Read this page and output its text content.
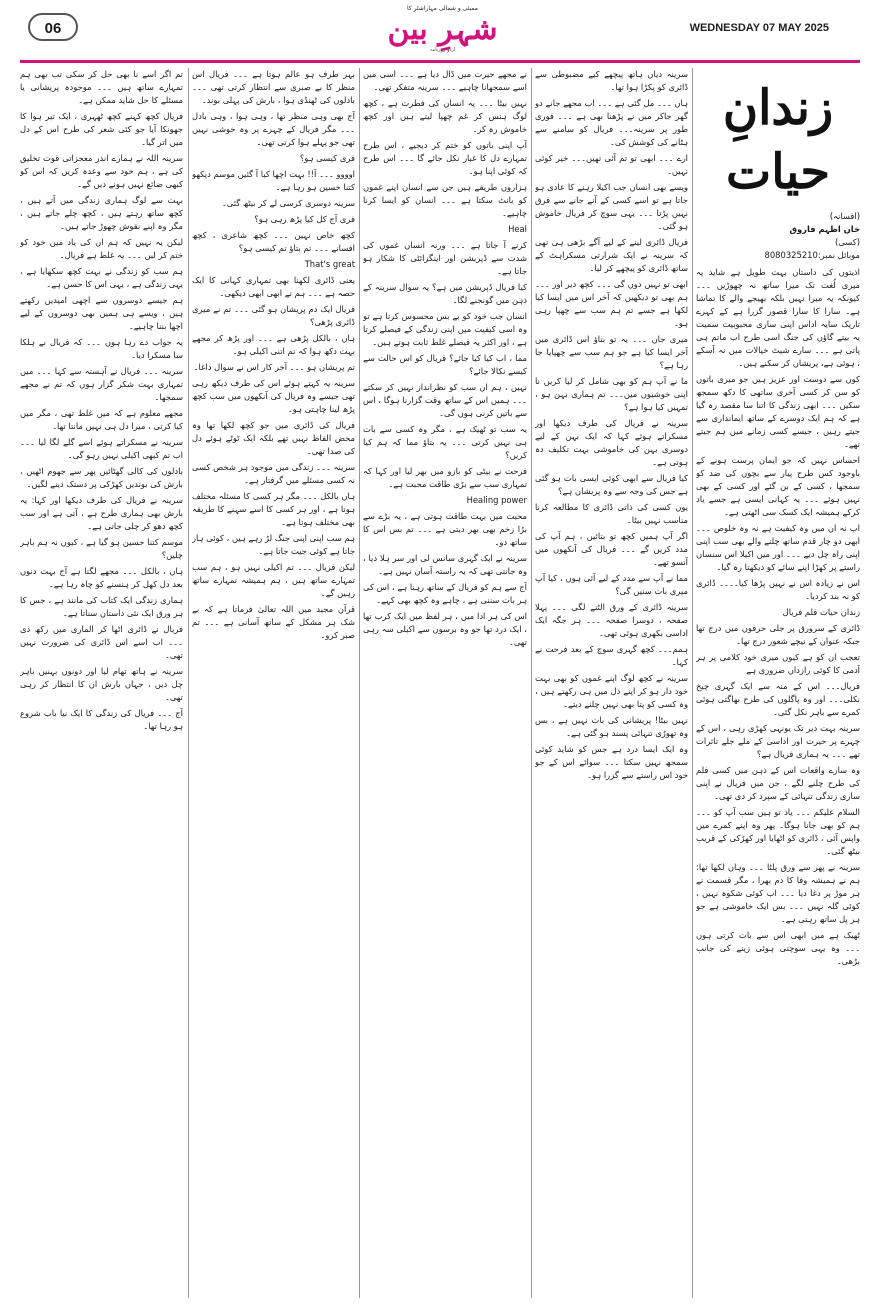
06
ممبئی و شمالی مہاراشٹر کا
شہرِ بین
اردو روزنامہ
WEDNESDAY 07 MAY 2025
زندانِ حیات
(افسانہ)
خان اظہم فاروق
(کسی)
موبائل نمبر:8080325210

اذیتوں کی داستاں بہت طویل ہے شاید یہ میری لُغت تک میرا ساتھ نہ چھوڑیں ۔۔۔ کیونکہ یہ میرا نہیں بلکہ بھیجے والے کا تماشا ہے۔ سارا کا سارا قصور گزرا ہے کے کہرے تاریک سایہ اداس اپنی ساری محبوبیت سمیت یہ بیتے گاؤں کی جنگ اسی طرح اب ماتم ہی پاتی ہے ۔۔۔ سارے شیٹ خیالات میں نہ آسکے ، ہوئی ہے، پریشان کر سکنے ہیں۔

کون سے دوست اور عزیز ہیں جو میری باتوں کو سن کر کسی آخری ساتھی کا دکھ سمجھ سکیں ۔۔۔ ابھی زندگی کا اتنا سا مقصد رہ گیا ہے کہ ہم ایک دوسرے کے ساتھ ایمانداری سے جیتے رہیں ، جیسے کسی زمانے میں ہم جیتے تھے۔

احساس نہیں کہ جو ایمان پرست ہونے کے باوجود کس طرح پیار سے بچوں کی ضد کو سمجھا ، کسی کے بن گئے اور کسی کے بھی نہیں ہوئے ۔۔۔ یہ کہانی ایسی ہے جسے یاد کرکے ہمیشہ ایک کسک سی اٹھتی ہے۔

اب نہ ان میں وہ کیفیت ہے نہ وہ خلوص ۔۔۔ ابھی دو چار قدم ساتھ چلنے والے بھی سب اپنی اپنی راہ چل دیے ۔۔۔ اور میں اکیلا اس سنسان راستے پر کھڑا اپنے سائے کو دیکھتا رہ گیا۔

اس نے زیادہ اس نے نہیں پڑھا کیا۔۔۔۔ ڈائری کو نہ بند کردیا۔

زندان حیات قلم فریال

ڈائری کے سرورق پر جلی حرفوں میں درج تھا جبکہ عنوان کے نیچے شعور درج تھا۔

تعجب ان کو ہے کیوں میری خود کلامی پر ہر آدمی کا کوئی رازداں ضروری ہے

فریال۔۔۔ اس کے منہ سے ایک گہری چیخ نکلی۔۔۔ اور وہ پاگلوں کی طرح بھاگتی ہوئی کمرے سے باہر نکل گئی۔

سرینہ بہت دیر تک یونہی کھڑی رہی ، اس کے چہرے پر حیرت اور اداسی کے ملے جلے تاثرات تھے ۔۔۔ یہ ہماری فریال ہے؟

وہ سارے واقعات اس کے ذہن میں کسی فلم کی طرح چلنے لگے ، جن میں فریال نے اپنی ساری زندگی تنہائی کے سپرد کر دی تھی۔

السلام علیکم ۔۔۔ یاد تو ہیں سب آپ کو ۔۔۔ ہم کو بھی جانا ہوگا۔ پھر وہ اپنے کمرے میں واپس آئی ، ڈائری کو اٹھایا اور کھڑکی کے قریب بیٹھ گئی۔

سرینہ نے پھر سے ورق پلٹا ۔۔۔ وہاں لکھا تھا: ہم نے ہمیشہ وفا کا دم بھرا ، مگر قسمت نے ہر موڑ پر دغا دیا ۔۔۔ اب کوئی شکوہ نہیں ، کوئی گلہ نہیں ۔۔۔ بس ایک خاموشی ہے جو ہر پل ساتھ رہتی ہے۔

ٹھیک ہے میں ابھی اس سے بات کرتی ہوں ۔۔۔ وہ یہی سوچتی ہوئی زینے کی جانب بڑھی۔

سرینہ دیاں ہاتھ پیچھے کیے مضبوطی سے ڈائری کو پکڑا ہوا تھا۔

ہاں ۔۔۔ مل گئی ہے ۔۔۔ اب مجھے جانے دو گھر جاکر میں نے پڑھنا بھی ہے ۔۔۔ فوری طور پر سرینہ۔۔۔ فریال کو سامنے سے ہٹانے کی کوشش کی۔

ارے ۔۔۔ ابھی تو تم آئی تھیں۔۔۔ خیر کوئی نہیں۔

ویسے بھی انسان جب اکیلا رہنے کا عادی ہو جاتا ہے تو اسے کسی کے آنے جانے سے فرق نہیں پڑتا ۔۔۔ یہی سوچ کر فریال خاموش ہو گئی۔

فریال ڈائری لینے کے لیے آگے بڑھی ہی تھی کہ سرینہ نے ایک شرارتی مسکراہٹ کے ساتھ ڈائری کو پیچھے کر لیا۔

ابھی تو نہیں دوں گی ۔۔۔ کچھ دیر اور ۔۔۔ ہم بھی تو دیکھیں کہ آخر اس میں ایسا کیا لکھا ہے جسے تم ہم سب سے چھپا رہی ہو۔

میری جان ۔۔۔ یہ تو بتاؤ اس ڈائری میں آخر ایسا کیا ہے جو ہم سب سے چھپایا جا رہا ہے؟

ما نے آپ ہم کو بھی شامل کر لیا کریں نا اپنی خوشیوں میں۔۔۔ تم ہماری بہن ہو ، تمہیں کیا ہوا ہے؟

سرینہ نے فریال کی طرف دیکھا اور مسکراتے ہوئے کہا کہ ایک بہن کے لیے دوسری بہن کی خاموشی بہت تکلیف دہ ہوتی ہے۔

کیا فریال سے ابھی کوئی ایسی بات ہو گئی ہے جس کی وجہ سے وہ پریشان ہے؟

یوں کسی کی ذاتی ڈائری کا مطالعہ کرنا مناسب نہیں بیٹا۔

اگر آپ ہمیں کچھ تو بتائیں ، ہم آپ کی مدد کریں گے ۔۔۔ فریال کی آنکھوں میں آنسو تھے۔

مما نے آپ سے مدد کے لیے آئی ہوں ، کیا آپ میری بات سنیں گی؟

سرینہ ڈائری کے ورق الٹنے لگی ۔۔۔ پہلا صفحہ ، دوسرا صفحہ ۔۔۔ ہر جگہ ایک اداسی بکھری ہوئی تھی۔

ہمم۔۔۔ کچھ گہری سوچ کے بعد فرحت نے کہا۔

سرینہ نے کچھ لوگ اپنے غموں کو بھی بہت خود دار ہو کر اپنے دل میں ہی رکھتے ہیں ، وہ کسی کو پتا بھی نہیں چلنے دیتے۔

نہیں بیٹا! پریشانی کی بات نہیں ہے ، بس وہ تھوڑی تنہائی پسند ہو گئی ہے۔

وہ ایک ایسا درد ہے جس کو شاید کوئی سمجھ نہیں سکتا ۔۔۔ سوائے اس کے جو خود اس راستے سے گزرا ہو۔

نے مجھے حیرت میں ڈال دیا ہے ۔۔۔ اسی میں اسے سمجھانا چاہیے ۔۔۔ سرینہ متفکر تھی۔

نہیں بیٹا ۔۔۔ یہ انسان کی فطرت ہے ، کچھ لوگ ہنس کر غم چھپا لیتے ہیں اور کچھ خاموش رہ کر۔

آپ اپنی باتوں کو ختم کر دیجیے ، اس طرح تمہارے دل کا غبار نکل جائے گا ۔۔۔ اس طرح کہ کوئی اپنا ہو۔

ہزاروں طریقے ہیں جن سے انسان اپنے غموں کو بانٹ سکتا ہے ۔۔۔ انسان کو ایسا کرنا چاہیے۔

Heal

کرنے آ جاتا ہے ۔۔۔ ورنہ انسان غموں کی شدت سے ڈپریشن اور اینگزائٹی کا شکار ہو جاتا ہے۔

کیا فریال ڈپریشن میں ہے؟ یہ سوال سرینہ کے ذہن میں گونجنے لگا۔

انسان جب خود کو بے بس محسوس کرتا ہے تو وہ اسی کیفیت میں اپنی زندگی کے فیصلے کرتا ہے ، اور اکثر یہ فیصلے غلط ثابت ہوتے ہیں۔

مما ، اب کیا کیا جائے؟ فریال کو اس حالت سے کیسے نکالا جائے؟

نہیں ، ہم ان سب کو نظرانداز نہیں کر سکتے ۔۔۔ ہمیں اس کے ساتھ وقت گزارنا ہوگا ، اس سے باتیں کرنی ہوں گی۔

یہ سب تو ٹھیک ہے ، مگر وہ کسی سے بات ہی نہیں کرتی ۔۔۔ یہ بتاؤ مما کہ ہم کیا کریں؟

فرحت نے بیٹی کو بازو میں بھر لیا اور کہا کہ تمہاری سب سے بڑی طاقت محبت ہے۔

Healing power

محبت میں بہت طاقت ہوتی ہے ، یہ بڑے سے بڑا زخم بھی بھر دیتی ہے ۔۔۔ تم بس اس کا ساتھ دو۔

سرینہ نے ایک گہری سانس لی اور سر ہلا دیا ، وہ جانتی تھی کہ یہ راستہ آسان نہیں ہے۔

آج سے ہم کو فریال کے ساتھ رہنا ہے ، اس کی ہر بات سننی ہے ، چاہے وہ کچھ بھی کہے۔

اس کی ہر ادا میں ، ہر لفظ میں ایک کرب تھا ، ایک درد تھا جو وہ برسوں سے اکیلی سہ رہی تھی۔

بہر طرف ہو عالم ہوتا ہے ۔۔۔ فریال اس منظر کا بے صبری سے انتظار کرتی تھی ۔۔۔ بادلوں کی ٹھنڈی ہوا ، بارش کی پہلی بوند۔

آج بھی وہی منظر تھا ، وہی ہوا ، وہی بادل ۔۔۔ مگر فریال کے چہرے پر وہ خوشی نہیں تھی جو پہلے ہوا کرتی تھی۔

فری کیسی ہو؟

اوووو ۔۔۔ آ!! بہت اچھا کیا آ گئیں موسم دیکھو کتنا حسین ہو رہا ہے۔

سرینہ دوسری کرسی لے کر بیٹھ گئی۔

فری آج کل کیا پڑھ رہی ہو؟

کچھ خاص نہیں ۔۔۔ کچھ شاعری ، کچھ افسانے ۔۔۔ تم بتاؤ تم کیسی ہو؟

That's great

یعنی ڈائری لکھنا بھی تمہاری کہانی کا ایک حصہ ہے ۔۔۔ ہم نے ابھی ابھی دیکھی۔

فریال ایک دم پریشان ہو گئی ۔۔۔ تم نے میری ڈائری پڑھی؟

ہاں ، بالکل پڑھی ہے ۔۔۔ اور پڑھ کر مجھے بہت دکھ ہوا کہ تم اتنی اکیلی ہو۔

تم پریشان ہو ۔۔۔ آخر کار اس نے سوال داغا۔

سرینہ یہ کہتے ہوئے اس کی طرف دیکھ رہی تھی جیسے وہ فریال کی آنکھوں میں سب کچھ پڑھ لینا چاہتی ہو۔

فریال کی ڈائری میں جو کچھ لکھا تھا وہ محض الفاظ نہیں تھے بلکہ ایک ٹوٹے ہوئے دل کی صدا تھی۔

سرینہ ۔۔۔ زندگی میں موجود ہر شخص کسی نہ کسی مسئلے میں گرفتار ہے۔

ہاں بالکل ۔۔۔ مگر ہر کسی کا مسئلہ مختلف ہوتا ہے ، اور ہر کسی کا اسے سہنے کا طریقہ بھی مختلف ہوتا ہے۔

ہم سب اپنی اپنی جنگ لڑ رہے ہیں ، کوئی ہار جاتا ہے کوئی جیت جاتا ہے۔

لیکن فریال ۔۔۔ تم اکیلی نہیں ہو ، ہم سب تمہارے ساتھ ہیں ، ہم ہمیشہ تمہارے ساتھ رہیں گے۔

قرآن مجید میں اللہ تعالیٰ فرماتا ہے کہ بے شک ہر مشکل کے ساتھ آسانی ہے ۔۔۔ تم صبر کرو۔

تم اگر اسے نا بھی حل کر سکی تب بھی ہم تمہارے ساتھ ہیں ۔۔۔ موجودہ پریشانی یا مسئلے کا حل شاید ممکن ہے۔

فریال کچھ کہنے کچھ ٹھہری ، ایک تیر ہوا کا جھونکا آیا جو کئی شعر کی طرح اس کے دل میں اتر گیا۔

سرینہ اللہ نے ہمارے اندر معجزاتی قوت تخلیق کی ہے ، ہم خود سے وعدہ کریں کہ اس کو کبھی ضائع نہیں ہونے دیں گے۔

بہت سے لوگ ہماری زندگی میں آتے ہیں ، کچھ ساتھ رہتے ہیں ، کچھ چلے جاتے ہیں ، مگر وہ اپنے نقوش چھوڑ جاتے ہیں۔

لیکن یہ نہیں کہ ہم ان کی یاد میں خود کو ختم کر لیں ۔۔۔ یہ غلط ہے فریال۔

ہم سب کو زندگی نے بہت کچھ سکھایا ہے ، یہی زندگی ہے ، یہی اس کا حسن ہے۔

ہم جیسے دوسروں سے اچھی امیدیں رکھتے ہیں ، ویسے ہی ہمیں بھی دوسروں کے لیے اچھا بننا چاہیے۔

یہ جواب دے رہا ہوں ۔۔۔ کہ فریال نے ہلکا سا مسکرا دیا۔

سرینہ ۔۔۔ فریال نے آہستہ سے کہا ۔۔۔ میں تمہاری بہت شکر گزار ہوں کہ تم نے مجھے سمجھا۔

مجھے معلوم ہے کہ میں غلط تھی ، مگر میں کیا کرتی ، میرا دل ہی نہیں مانتا تھا۔

سرینہ نے مسکراتے ہوئے اسے گلے لگا لیا ۔۔۔ اب تم کبھی اکیلی نہیں رہو گی۔

بادلوں کی کالی گھٹائیں پھر سے جھوم اٹھیں ، بارش کی بوندیں کھڑکی پر دستک دینے لگیں۔

سرینہ نے فریال کی طرف دیکھا اور کہا: یہ بارش بھی ہماری طرح ہے ، آتی ہے اور سب کچھ دھو کر چلی جاتی ہے۔

موسم کتنا حسین ہو گیا ہے ، کیوں نہ ہم باہر چلیں؟

ہاں ، بالکل ۔۔۔ مجھے لگتا ہے آج بہت دنوں بعد دل کھل کر ہنسنے کو چاہ رہا ہے۔

ہماری زندگی ایک کتاب کی مانند ہے ، جس کا ہر ورق ایک نئی داستان سناتا ہے۔

فریال نے ڈائری اٹھا کر الماری میں رکھ دی ۔۔۔ اب اسے اس ڈائری کی ضرورت نہیں تھی۔

سرینہ نے ہاتھ تھام لیا اور دونوں بہنیں باہر چل دیں ، جہاں بارش ان کا انتظار کر رہی تھی۔

آج ۔۔۔ فریال کی زندگی کا ایک نیا باب شروع ہو رہا تھا۔
